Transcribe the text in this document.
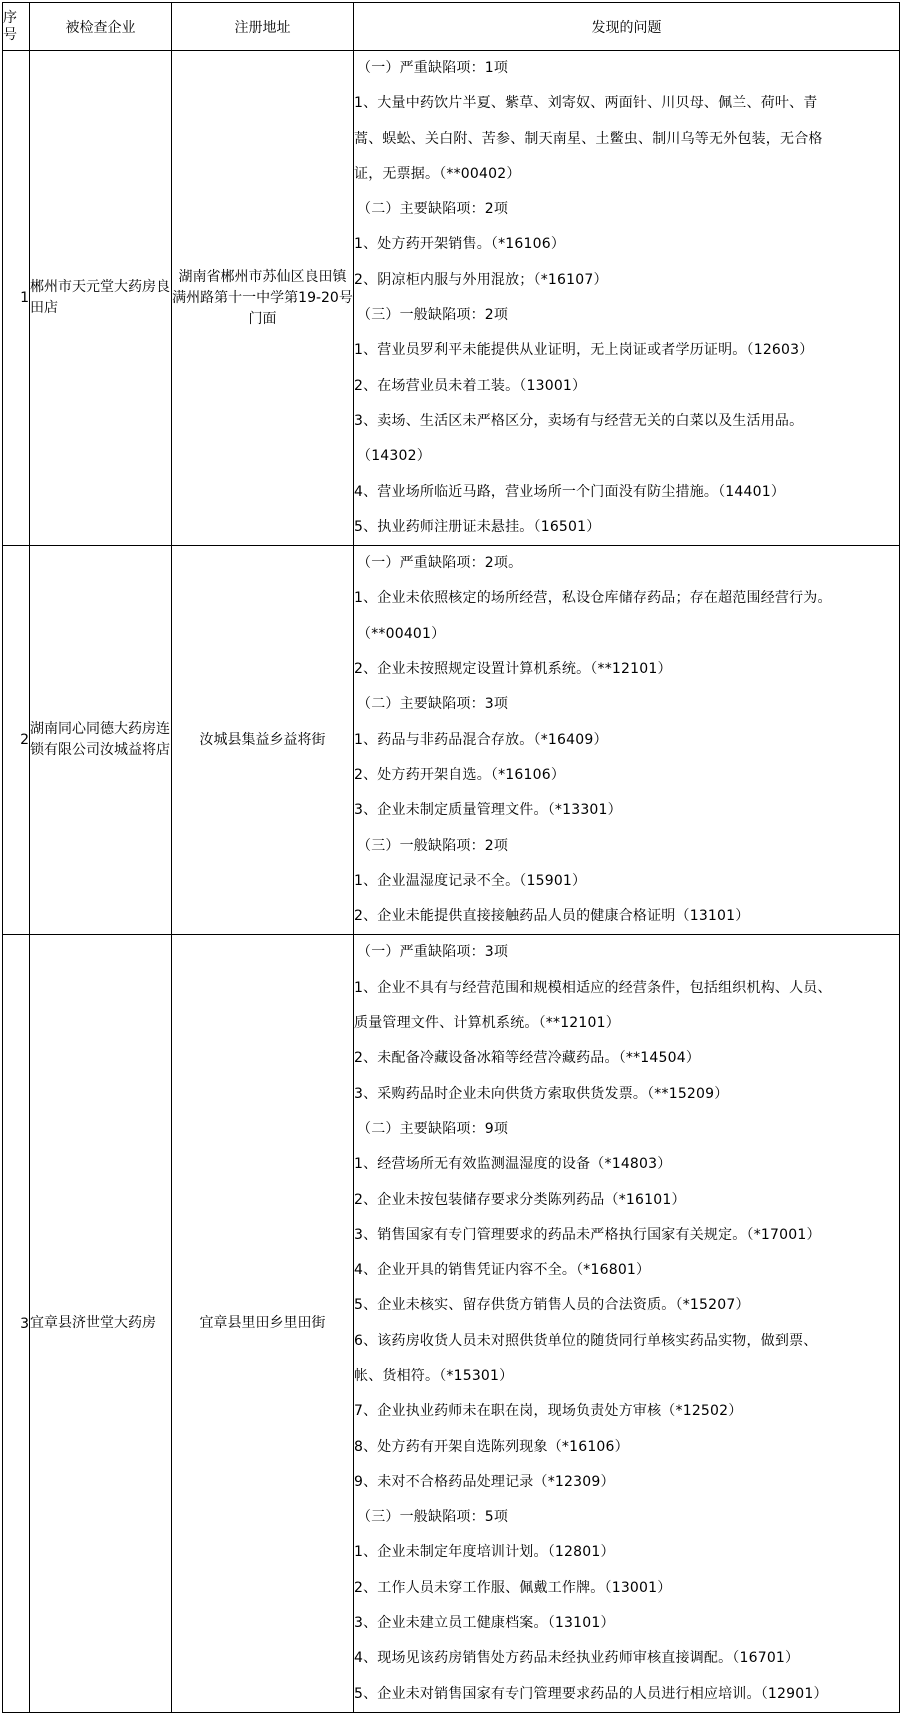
序号	被检查企业	注册地址	发现的问题
1	郴州市天元堂大药房良田店	湖南省郴州市苏仙区良田镇满州路第十一中学第19-20号门面	
（一）严重缺陷项：1项
1、大量中药饮片半夏、紫草、刘寄奴、两面针、川贝母、佩兰、荷叶、青
蒿、蜈蚣、关白附、苦参、制天南星、土鳖虫、制川乌等无外包装，无合格
证，无票据。（**00402）
（二）主要缺陷项：2项
1、处方药开架销售。（*16106）
2、阴凉柜内服与外用混放；（*16107）
（三）一般缺陷项：2项
1、营业员罗利平未能提供从业证明，无上岗证或者学历证明。（12603）
2、在场营业员未着工装。（13001）
3、卖场、生活区未严格区分，卖场有与经营无关的白菜以及生活用品。
（14302）
4、营业场所临近马路，营业场所一个门面没有防尘措施。（14401）
5、执业药师注册证未悬挂。（16501）

2	湖南同心同德大药房连锁有限公司汝城益将店	汝城县集益乡益将街	
（一）严重缺陷项：2项。
1、企业未依照核定的场所经营，私设仓库储存药品；存在超范围经营行为。
（**00401）
2、企业未按照规定设置计算机系统。（**12101）
（二）主要缺陷项：3项
1、药品与非药品混合存放。（*16409）
2、处方药开架自选。（*16106）
3、企业未制定质量管理文件。（*13301）
（三）一般缺陷项：2项
1、企业温湿度记录不全。（15901）
2、企业未能提供直接接触药品人员的健康合格证明（13101）

3	宜章县济世堂大药房	宜章县里田乡里田街	
（一）严重缺陷项：3项
1、企业不具有与经营范围和规模相适应的经营条件，包括组织机构、人员、
质量管理文件、计算机系统。（**12101）
2、未配备冷藏设备冰箱等经营冷藏药品。（**14504）
3、采购药品时企业未向供货方索取供货发票。（**15209）
（二）主要缺陷项：9项
1、经营场所无有效监测温湿度的设备（*14803）
2、企业未按包装储存要求分类陈列药品（*16101）
3、销售国家有专门管理要求的药品未严格执行国家有关规定。（*17001）
4、企业开具的销售凭证内容不全。（*16801）
5、企业未核实、留存供货方销售人员的合法资质。（*15207）
6、该药房收货人员未对照供货单位的随货同行单核实药品实物，做到票、
帐、货相符。（*15301）
7、企业执业药师未在职在岗，现场负责处方审核（*12502）
8、处方药有开架自选陈列现象（*16106）
9、未对不合格药品处理记录（*12309）
（三）一般缺陷项：5项
1、企业未制定年度培训计划。（12801）
2、工作人员未穿工作服、佩戴工作牌。（13001）
3、企业未建立员工健康档案。（13101）
4、现场见该药房销售处方药品未经执业药师审核直接调配。（16701）
5、企业未对销售国家有专门管理要求药品的人员进行相应培训。（12901）
